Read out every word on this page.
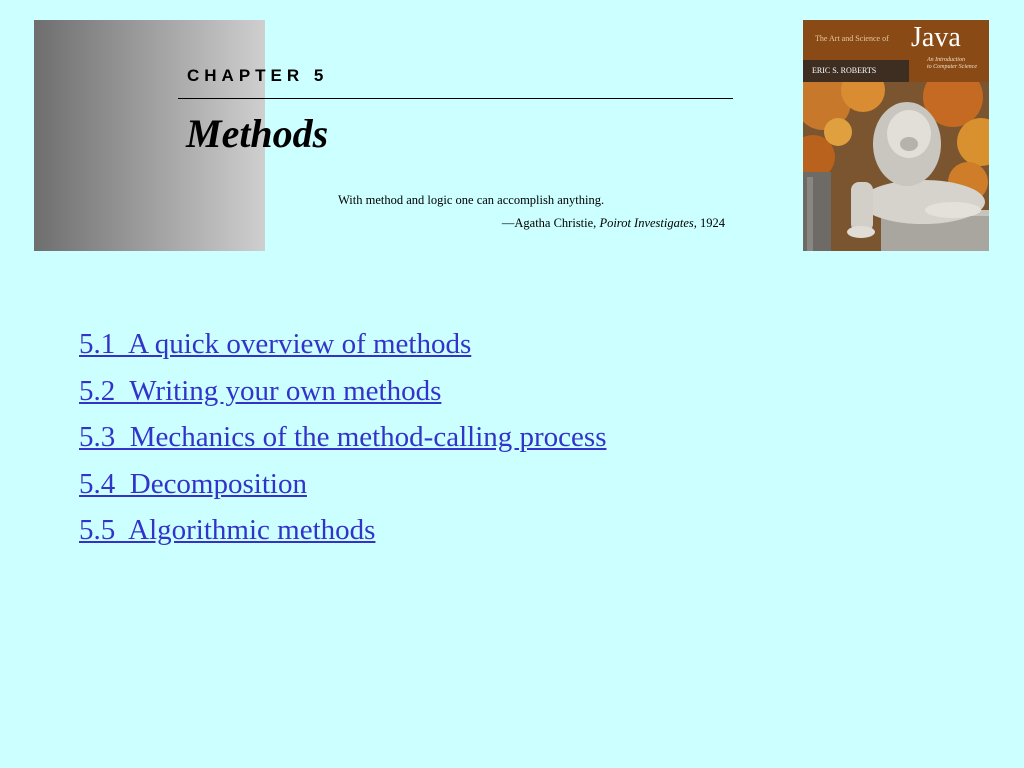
CHAPTER 5
Methods
With method and logic one can accomplish anything.
—Agatha Christie, Poirot Investigates, 1924
The Art and Science of Java
An Introduction
to Computer Science
ERIC S. ROBERTS
5.1  A quick overview of methods
5.2  Writing your own methods
5.3  Mechanics of the method-calling process
5.4  Decomposition
5.5  Algorithmic methods
